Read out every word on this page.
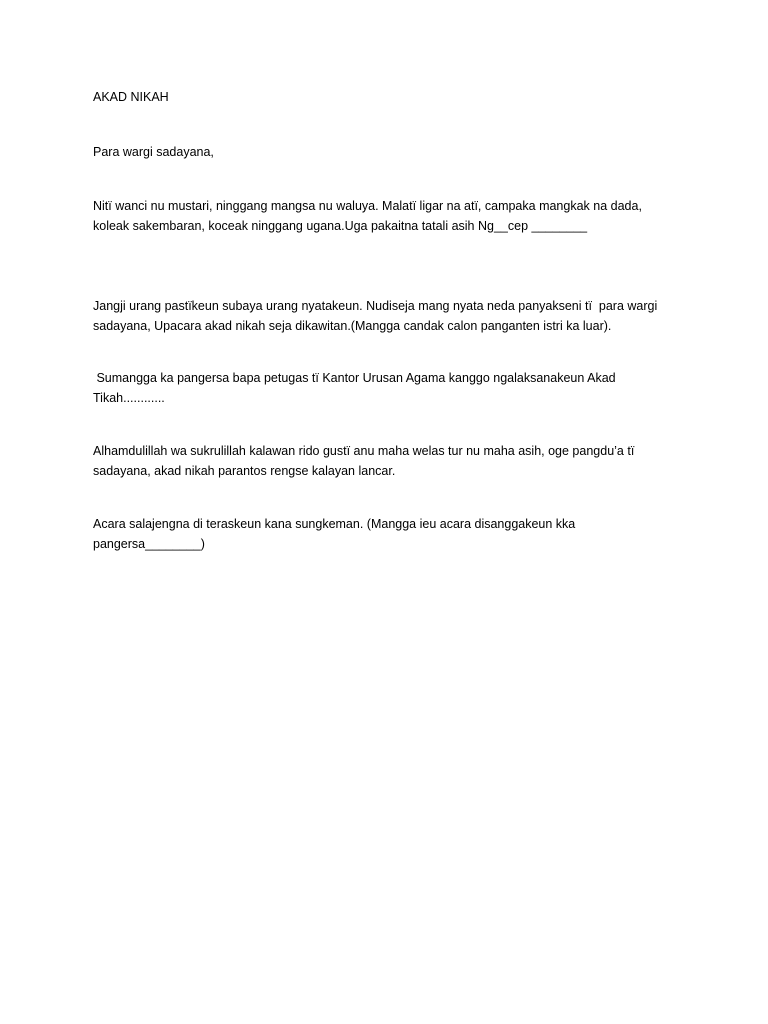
AKAD NIKAH
Para wargi sadayana,
Nitï wanci nu mustari, ninggang mangsa nu waluya. Malatï ligar na atï, campaka mangkak na dada,
koleak sakembaran, koceak ninggang ugana.Uga pakaitna tatali asih Ng__cep ________
Jangji urang pastïkeun subaya urang nyatakeun. Nudiseja mang nyata neda panyakseni tï  para wargi
sadayana, Upacara akad nikah seja dikawitan.(Mangga candak calon panganten istri ka luar).
Sumangga ka pangersa bapa petugas tï Kantor Urusan Agama kanggo ngalaksanakeun Akad
Tikah............
Alhamdulillah wa sukrulillah kalawan rido gustï anu maha welas tur nu maha asih, oge pangdu’a tï
sadayana, akad nikah parantos rengse kalayan lancar.
Acara salajengna di teraskeun kana sungkeman. (Mangga ieu acara disanggakeun kka
pangersa________)
